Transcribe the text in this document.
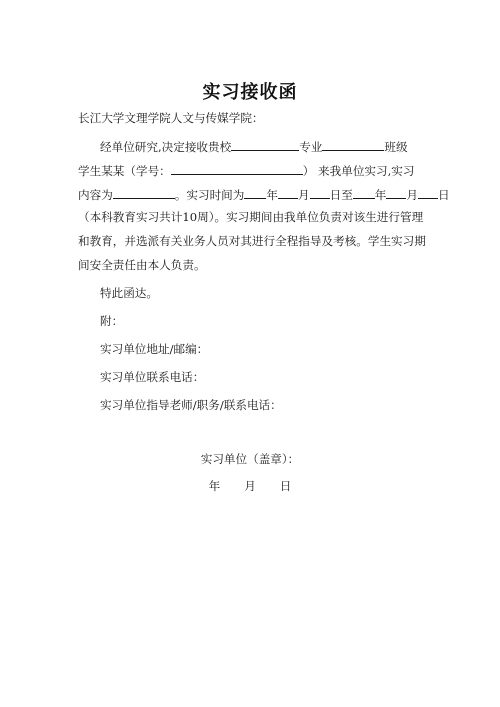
实习接收函
长江大学文理学院人文与传媒学院：
经单位研究,决定接收贵校	专业	班级
学生某某（学号：	） 来我单位实习,实习
内容为	。实习时间为 年 月 日至 年 月 日
（本科教育实习共计10周）。实习期间由我单位负责对该生进行管理
和教育，并选派有关业务人员对其进行全程指导及考核。学生实习期
间安全责任由本人负责。
特此函达。
附：
实习单位地址/邮编：
实习单位联系电话：
实习单位指导老师/职务/联系电话：
实习单位（盖章）：
年 月 日
